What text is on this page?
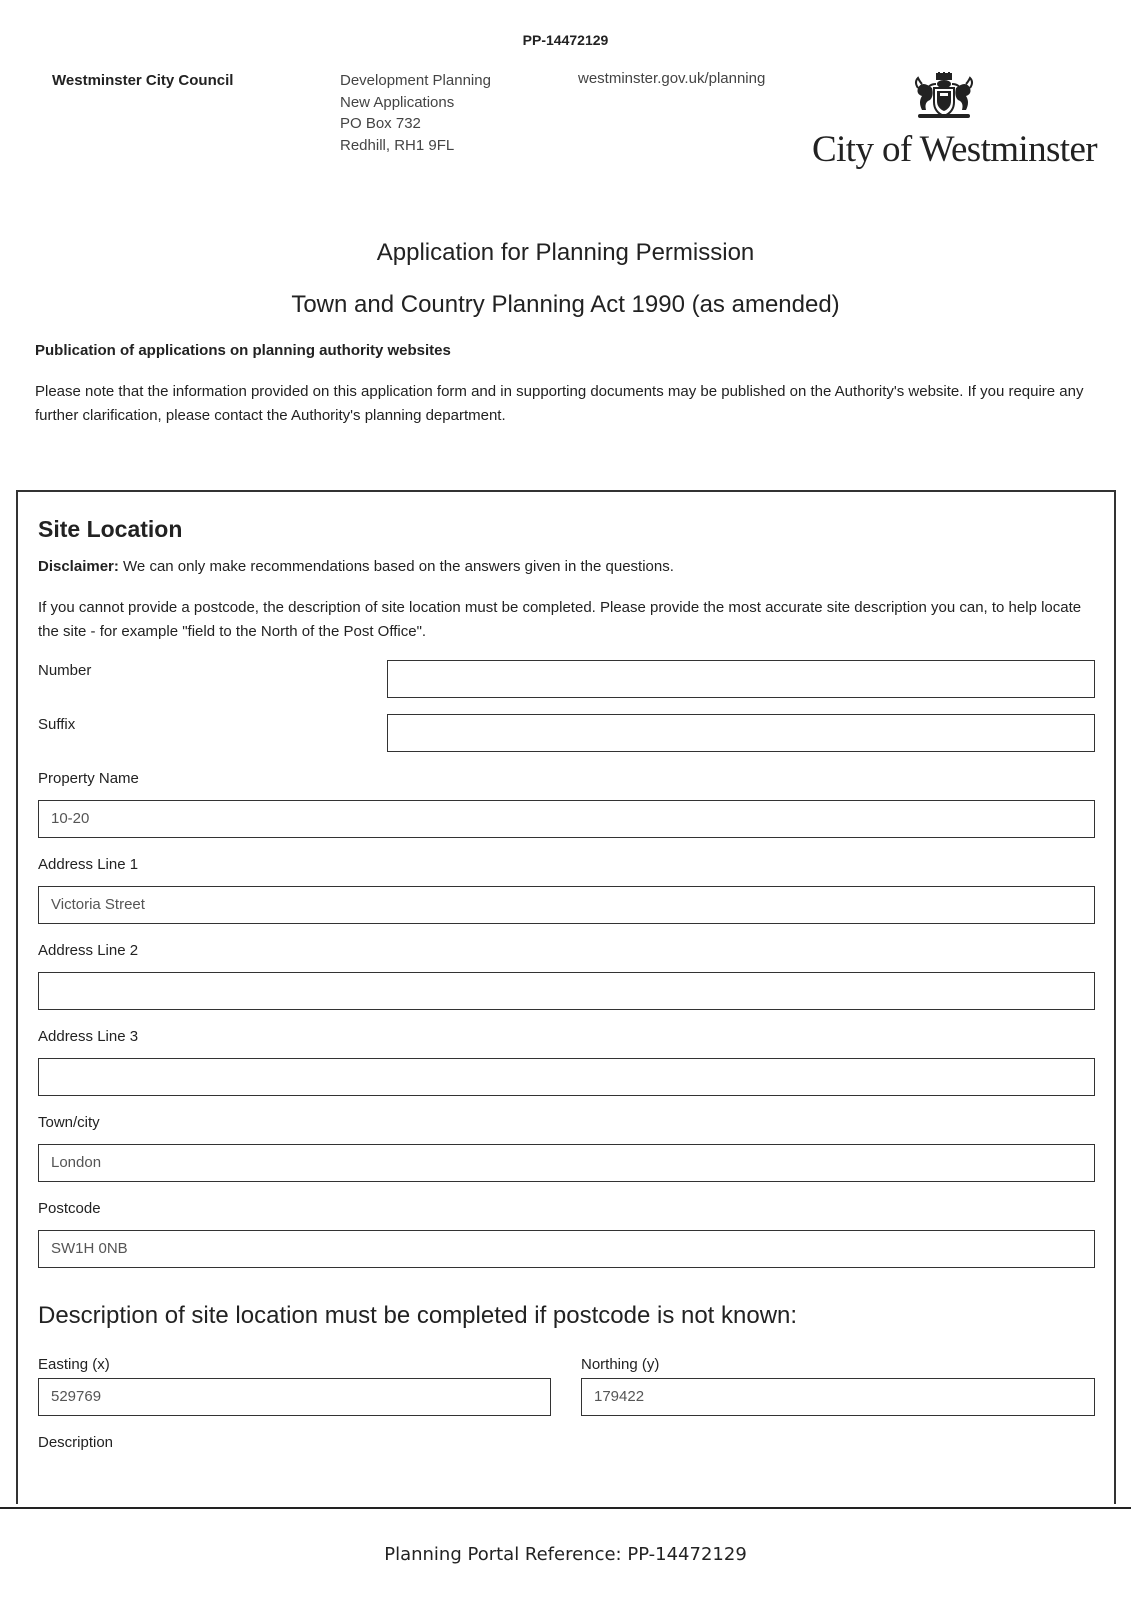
PP-14472129
Westminster City Council	Development Planning
New Applications
PO Box 732
Redhill, RH1 9FL
westminster.gov.uk/planning
City of Westminster
Application for Planning Permission
Town and Country Planning Act 1990 (as amended)
Publication of applications on planning authority websites
Please note that the information provided on this application form and in supporting documents may be published on the Authority's website. If you require any further clarification, please contact the Authority's planning department.
Site Location
Disclaimer: We can only make recommendations based on the answers given in the questions.
If you cannot provide a postcode, the description of site location must be completed. Please provide the most accurate site description you can, to help locate the site - for example "field to the North of the Post Office".
Number
Suffix
Property Name
10-20
Address Line 1
Victoria Street
Address Line 2
Address Line 3
Town/city
London
Postcode
SW1H 0NB
Description of site location must be completed if postcode is not known:
Easting (x)
529769
Northing (y)
179422
Description
Planning Portal Reference: PP-14472129
